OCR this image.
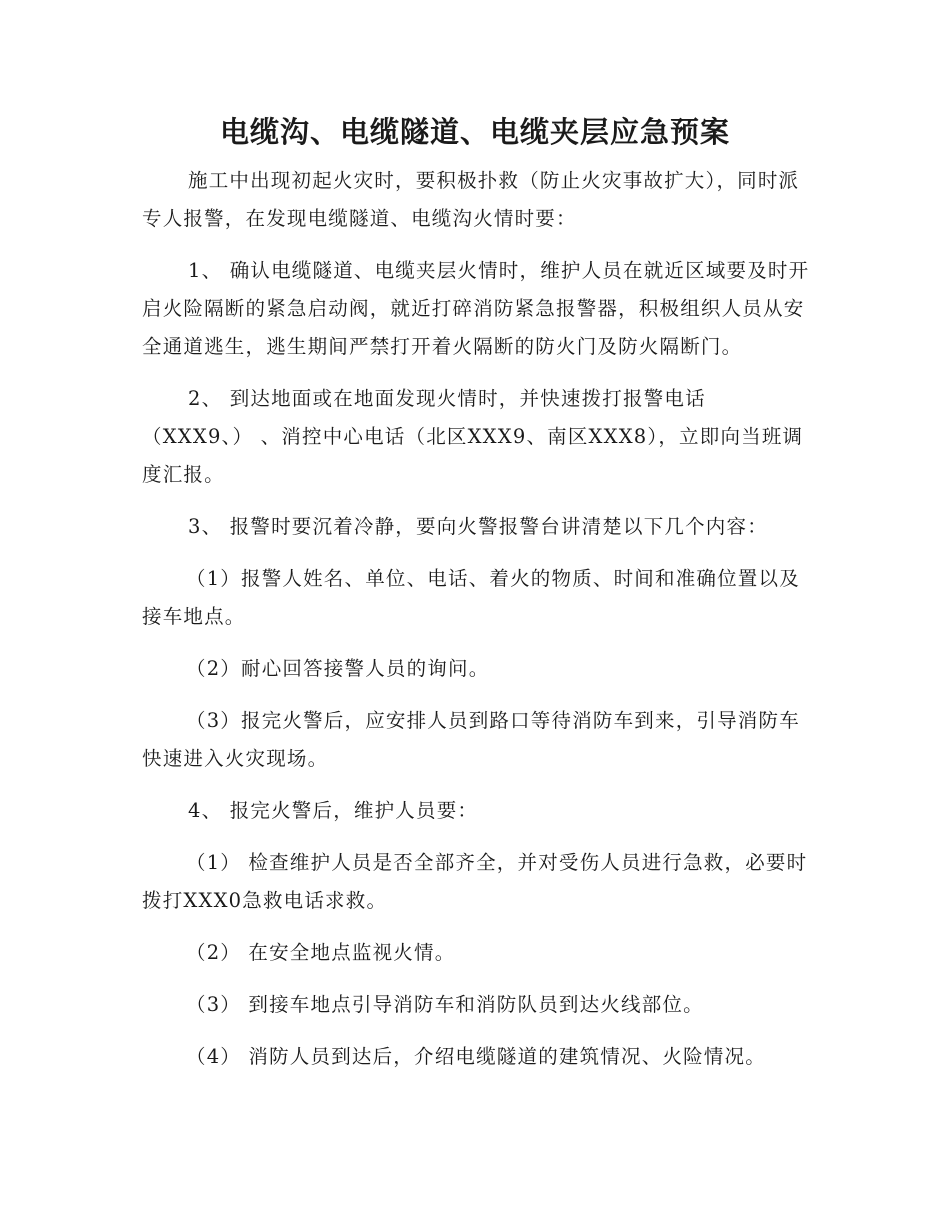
电缆沟、电缆隧道、电缆夹层应急预案

施工中出现初起火灾时，要积极扑救（防止火灾事故扩大），同时派专人报警，在发现电缆隧道、电缆沟火情时要：

1、 确认电缆隧道、电缆夹层火情时，维护人员在就近区域要及时开启火险隔断的紧急启动阀，就近打碎消防紧急报警器，积极组织人员从安全通道逃生，逃生期间严禁打开着火隔断的防火门及防火隔断门。

2、 到达地面或在地面发现火情时，并快速拨打报警电话（XXX9、） 、消控中心电话（北区XXX9、南区XXX8），立即向当班调度汇报。

3、 报警时要沉着冷静，要向火警报警台讲清楚以下几个内容：

（1）报警人姓名、单位、电话、着火的物质、时间和准确位置以及接车地点。

（2）耐心回答接警人员的询问。

（3）报完火警后，应安排人员到路口等待消防车到来，引导消防车快速进入火灾现场。

4、 报完火警后，维护人员要：

（1） 检查维护人员是否全部齐全，并对受伤人员进行急救，必要时拨打XXX0急救电话求救。

（2） 在安全地点监视火情。

（3） 到接车地点引导消防车和消防队员到达火线部位。

（4） 消防人员到达后，介绍电缆隧道的建筑情况、火险情况。
